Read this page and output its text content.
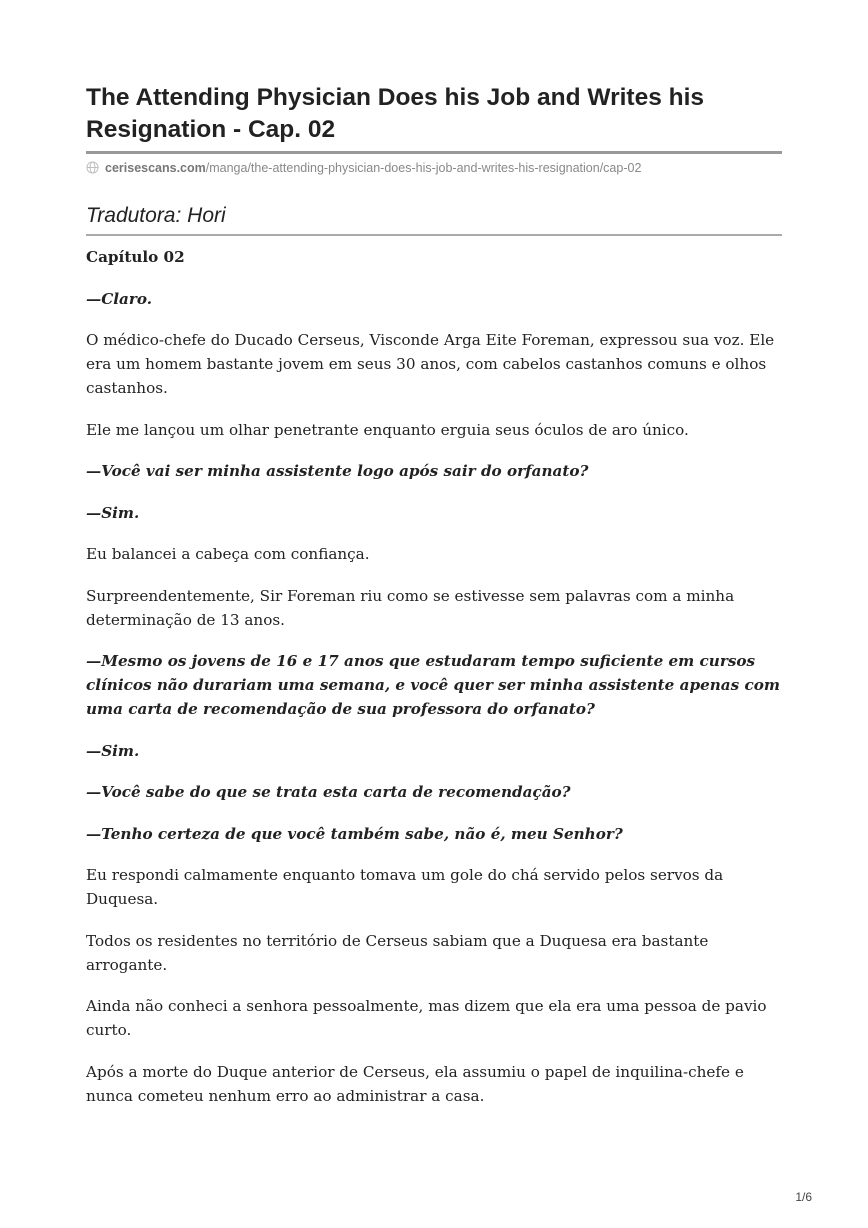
The Attending Physician Does his Job and Writes his Resignation - Cap. 02
cerisescans.com/manga/the-attending-physician-does-his-job-and-writes-his-resignation/cap-02
Tradutora: Hori

Capítulo 02

—Claro.

O médico-chefe do Ducado Cerseus, Visconde Arga Eite Foreman, expressou sua voz. Ele era um homem bastante jovem em seus 30 anos, com cabelos castanhos comuns e olhos castanhos.

Ele me lançou um olhar penetrante enquanto erguia seus óculos de aro único.

—Você vai ser minha assistente logo após sair do orfanato?

—Sim.

Eu balancei a cabeça com confiança.

Surpreendentemente, Sir Foreman riu como se estivesse sem palavras com a minha determinação de 13 anos.

—Mesmo os jovens de 16 e 17 anos que estudaram tempo suficiente em cursos clínicos não durariam uma semana, e você quer ser minha assistente apenas com uma carta de recomendação de sua professora do orfanato?

—Sim.

—Você sabe do que se trata esta carta de recomendação?

—Tenho certeza de que você também sabe, não é, meu Senhor?

Eu respondi calmamente enquanto tomava um gole do chá servido pelos servos da Duquesa.

Todos os residentes no território de Cerseus sabiam que a Duquesa era bastante arrogante.

Ainda não conheci a senhora pessoalmente, mas dizem que ela era uma pessoa de pavio curto.

Após a morte do Duque anterior de Cerseus, ela assumiu o papel de inquilina-chefe e nunca cometeu nenhum erro ao administrar a casa.

1/6
